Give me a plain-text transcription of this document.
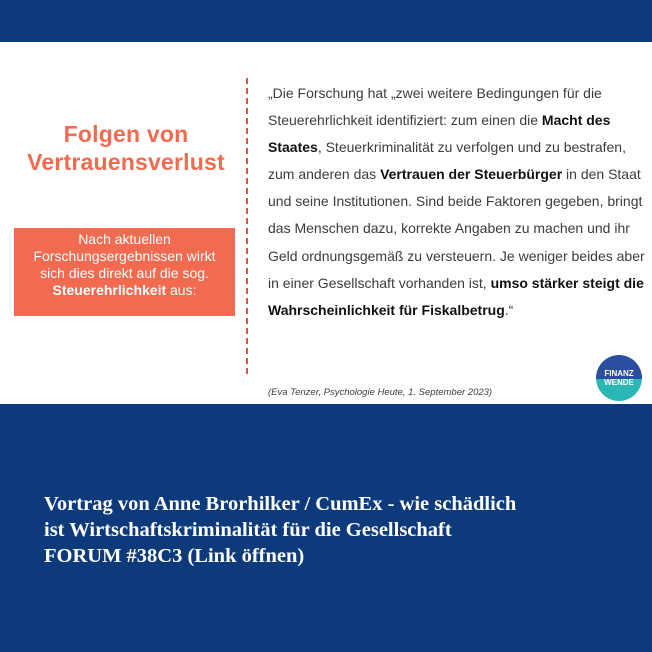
Folgen von
Vertrauensverlust
Nach aktuellen
Forschungsergebnissen wirkt
sich dies direkt auf die sog.
Steuerehrlichkeit aus:
„Die Forschung hat „zwei weitere Bedingungen für die Steuerehrlichkeit identifiziert: zum einen die Macht des Staates, Steuerkriminalität zu verfolgen und zu bestrafen, zum anderen das Vertrauen der Steuerbürger in den Staat und seine Institutionen. Sind beide Faktoren gegeben, bringt das Menschen dazu, korrekte Angaben zu machen und ihr Geld ordnungsgemäß zu versteuern. Je weniger beides aber in einer Gesellschaft vorhanden ist, umso stärker steigt die Wahrscheinlichkeit für Fiskalbetrug.“
(Eva Tenzer, Psychologie Heute, 1. September 2023)
FINANZ
WENDE
Vortrag von Anne Brorhilker / CumEx - wie schädlich
ist Wirtschaftskriminalität für die Gesellschaft
FORUM #38C3 (Link öffnen)
